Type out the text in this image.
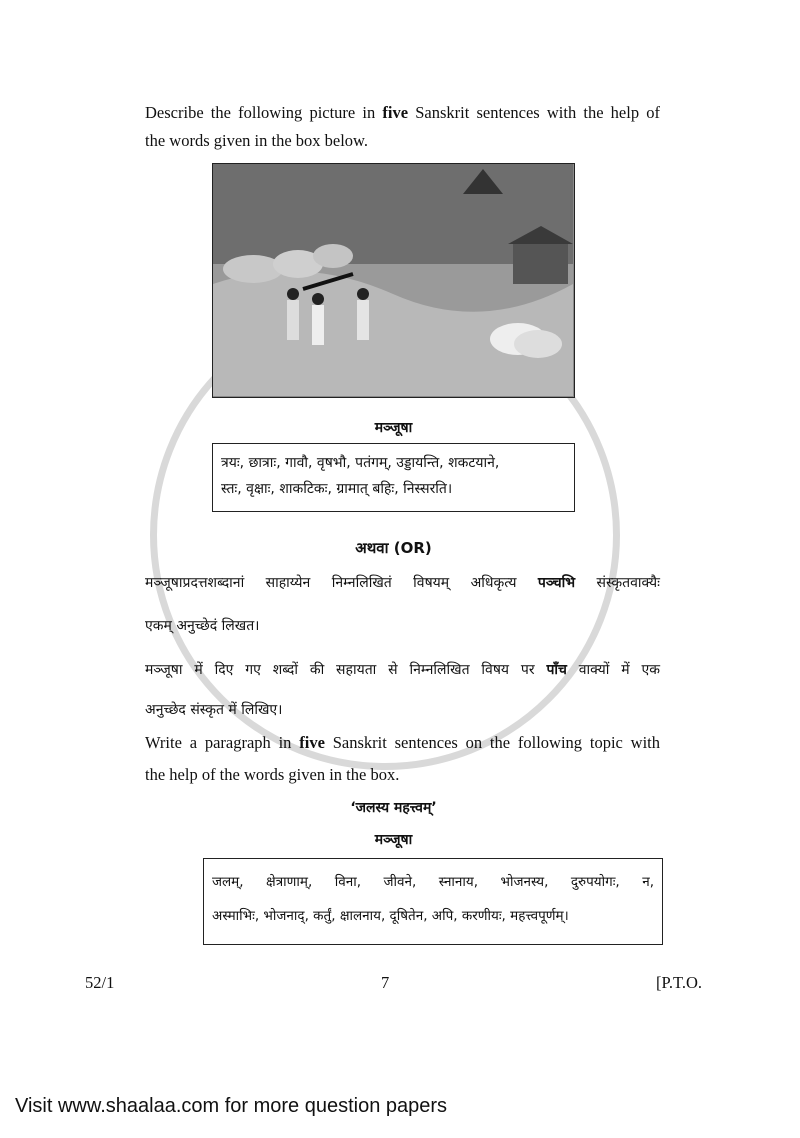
Describe the following picture in five Sanskrit sentences with the help of
the words given in the box below.
मञ्जूषा
त्रयः, छात्राः, गावौ, वृषभौ, पतंगम्, उड्डायन्ति, शकटयाने,
स्तः, वृक्षाः, शाकटिकः, ग्रामात् बहिः, निस्सरति।
अथवा (OR)
मञ्जूषाप्रदत्तशब्दानां साहाय्येन निम्नलिखितं विषयम् अधिकृत्य पञ्चभि संस्कृतवाक्यैः
एकम् अनुच्छेदं लिखत।
मञ्जूषा में दिए गए शब्दों की सहायता से निम्नलिखित विषय पर पाँच वाक्यों में एक
अनुच्छेद संस्कृत में लिखिए।
Write a paragraph in five Sanskrit sentences on the following topic with
the help of the words given in the box.
‘जलस्य महत्त्वम्’
मञ्जूषा
जलम्, क्षेत्राणाम्, विना, जीवने, स्नानाय, भोजनस्य, दुरुपयोगः, न,
अस्माभिः, भोजनाद्, कर्तुं, क्षालनाय, दूषितेन, अपि, करणीयः, महत्त्वपूर्णम्।
52/1	7	[P.T.O.
Visit www.shaalaa.com for more question papers
